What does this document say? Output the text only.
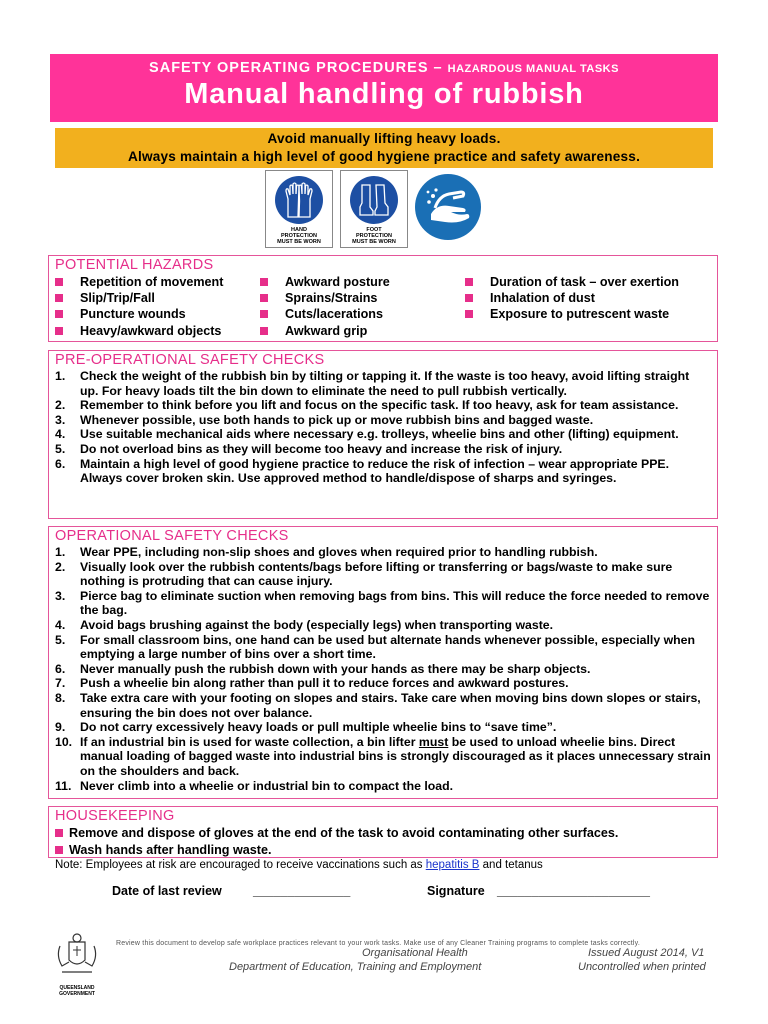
SAFETY OPERATING PROCEDURES – HAZARDOUS MANUAL TASKS
Manual handling of rubbish
Avoid manually lifting heavy loads.
Always maintain a high level of good hygiene practice and safety awareness.
HAND
PROTECTION
MUST BE WORN
FOOT
PROTECTION
MUST BE WORN
POTENTIAL HAZARDS
Repetition of movement
Slip/Trip/Fall
Puncture wounds
Heavy/awkward objects
Awkward posture
Sprains/Strains
Cuts/lacerations
Awkward grip
Duration of task – over exertion
Inhalation of dust
Exposure to putrescent waste
PRE-OPERATIONAL SAFETY CHECKS
1.	Check the weight of the rubbish bin by tilting or tapping it. If the waste is too heavy, avoid lifting straight up. For heavy loads tilt the bin down to eliminate the need to pull rubbish vertically.
2.	Remember to think before you lift and focus on the specific task. If too heavy, ask for team assistance.
3.	Whenever possible, use both hands to pick up or move rubbish bins and bagged waste.
4.	Use suitable mechanical aids where necessary e.g. trolleys, wheelie bins and other (lifting) equipment.
5.	Do not overload bins as they will become too heavy and increase the risk of injury.
6.	Maintain a high level of good hygiene practice to reduce the risk of infection – wear appropriate PPE. Always cover broken skin. Use approved method to handle/dispose of sharps and syringes.
OPERATIONAL SAFETY CHECKS
1.	Wear PPE, including non-slip shoes and gloves when required prior to handling rubbish.
2.	Visually look over the rubbish contents/bags before lifting or transferring or bags/waste to make sure nothing is protruding that can cause injury.
3.	Pierce bag to eliminate suction when removing bags from bins. This will reduce the force needed to remove the bag.
4.	Avoid bags brushing against the body (especially legs) when transporting waste.
5.	For small classroom bins, one hand can be used but alternate hands whenever possible, especially when emptying a large number of bins over a short time.
6.	Never manually push the rubbish down with your hands as there may be sharp objects.
7.	Push a wheelie bin along rather than pull it to reduce forces and awkward postures.
8.	Take extra care with your footing on slopes and stairs. Take care when moving bins down slopes or stairs, ensuring the bin does not over balance.
9.	Do not carry excessively heavy loads or pull multiple wheelie bins to “save time”.
10. If an industrial bin is used for waste collection, a bin lifter must be used to unload wheelie bins. Direct manual loading of bagged waste into industrial bins is strongly discouraged as it places unnecessary strain on the shoulders and back.
11. Never climb into a wheelie or industrial bin to compact the load.
HOUSEKEEPING
Remove and dispose of gloves at the end of the task to avoid contaminating other surfaces.
Wash hands after handling waste.
Note: Employees at risk are encouraged to receive vaccinations such as hepatitis B and tetanus
Date of last review ______________	Signature ______________________
QUEENSLAND
GOVERNMENT
Review this document to develop safe workplace practices relevant to your work tasks. Make use of any Cleaner Training programs to complete tasks correctly.
Organisational Health
Department of Education, Training and Employment
Issued August 2014, V1
Uncontrolled when printed
